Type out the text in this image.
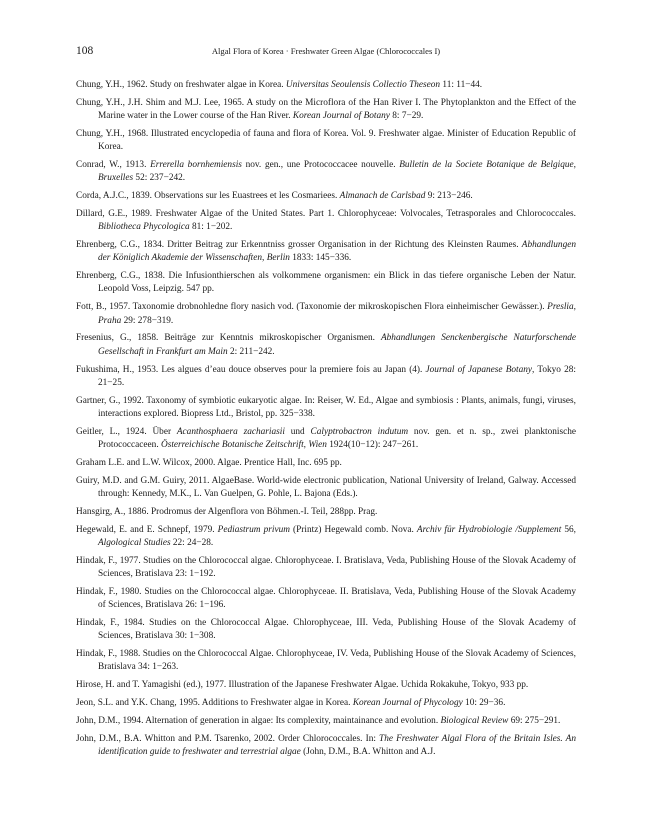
108	Algal Flora of Korea · Freshwater Green Algae (Chlorococcales I)
Chung, Y.H., 1962. Study on freshwater algae in Korea. Universitas Seoulensis Collectio Theseon 11: 11−44.
Chung, Y.H., J.H. Shim and M.J. Lee, 1965. A study on the Microflora of the Han River I. The Phytoplankton and the Effect of the Marine water in the Lower course of the Han River. Korean Journal of Botany 8: 7−29.
Chung, Y.H., 1968. Illustrated encyclopedia of fauna and flora of Korea. Vol. 9. Freshwater algae. Minister of Education Republic of Korea.
Conrad, W., 1913. Errerella bornhemiensis nov. gen., une Protococcacee nouvelle. Bulletin de la Societe Botanique de Belgique, Bruxelles 52: 237−242.
Corda, A.J.C., 1839. Observations sur les Euastrees et les Cosmariees. Almanach de Carlsbad 9: 213−246.
Dillard, G.E., 1989. Freshwater Algae of the United States. Part 1. Chlorophyceae: Volvocales, Tetrasporales and Chlorococcales. Bibliotheca Phycologica 81: 1−202.
Ehrenberg, C.G., 1834. Dritter Beitrag zur Erkenntniss grosser Organisation in der Richtung des Kleinsten Raumes. Abhandlungen der Königlich Akademie der Wissenschaften, Berlin 1833: 145−336.
Ehrenberg, C.G., 1838. Die Infusionthierschen als volkommene organismen: ein Blick in das tiefere organische Leben der Natur. Leopold Voss, Leipzig. 547 pp.
Fott, B., 1957. Taxonomie drobnohledne flory nasich vod. (Taxonomie der mikroskopischen Flora einheimischer Gewässer.). Preslia, Praha 29: 278−319.
Fresenius, G., 1858. Beiträge zur Kenntnis mikroskopischer Organismen. Abhandlungen Senckenbergische Naturforschende Gesellschaft in Frankfurt am Main 2: 211−242.
Fukushima, H., 1953. Les algues d’eau douce observes pour la premiere fois au Japan (4). Journal of Japanese Botany, Tokyo 28: 21−25.
Gartner, G., 1992. Taxonomy of symbiotic eukaryotic algae. In: Reiser, W. Ed., Algae and symbiosis : Plants, animals, fungi, viruses, interactions explored. Biopress Ltd., Bristol, pp. 325−338.
Geitler, L., 1924. Über Acanthosphaera zachariasii und Calyptrobactron indutum nov. gen. et n. sp., zwei planktonische Protococcaceen. Österreichische Botanische Zeitschrift, Wien 1924(10−12): 247−261.
Graham L.E. and L.W. Wilcox, 2000. Algae. Prentice Hall, Inc. 695 pp.
Guiry, M.D. and G.M. Guiry, 2011. AlgaeBase. World-wide electronic publication, National University of Ireland, Galway. Accessed through: Kennedy, M.K., L. Van Guelpen, G. Pohle, L. Bajona (Eds.).
Hansgirg, A., 1886. Prodromus der Algenflora von Böhmen.-I. Teil, 288pp. Prag.
Hegewald, E. and E. Schnepf, 1979. Pediastrum privum (Printz) Hegewald comb. Nova. Archiv für Hydrobiologie /Supplement 56, Algological Studies 22: 24−28.
Hindak, F., 1977. Studies on the Chlorococcal algae. Chlorophyceae. I. Bratislava, Veda, Publishing House of the Slovak Academy of Sciences, Bratislava 23: 1−192.
Hindak, F., 1980. Studies on the Chlorococcal algae. Chlorophyceae. II. Bratislava, Veda, Publishing House of the Slovak Academy of Sciences, Bratislava 26: 1−196.
Hindak, F., 1984. Studies on the Chlorococcal Algae. Chlorophyceae, III. Veda, Publishing House of the Slovak Academy of Sciences, Bratislava 30: 1−308.
Hindak, F., 1988. Studies on the Chlorococcal Algae. Chlorophyceae, IV. Veda, Publishing House of the Slovak Academy of Sciences, Bratislava 34: 1−263.
Hirose, H. and T. Yamagishi (ed.), 1977. Illustration of the Japanese Freshwater Algae. Uchida Rokakuhe, Tokyo, 933 pp.
Jeon, S.L. and Y.K. Chang, 1995. Additions to Freshwater algae in Korea. Korean Journal of Phycology 10: 29−36.
John, D.M., 1994. Alternation of generation in algae: Its complexity, maintainance and evolution. Biological Review 69: 275−291.
John, D.M., B.A. Whitton and P.M. Tsarenko, 2002. Order Chlorococcales. In: The Freshwater Algal Flora of the Britain Isles. An identification guide to freshwater and terrestrial algae (John, D.M., B.A. Whitton and A.J.
